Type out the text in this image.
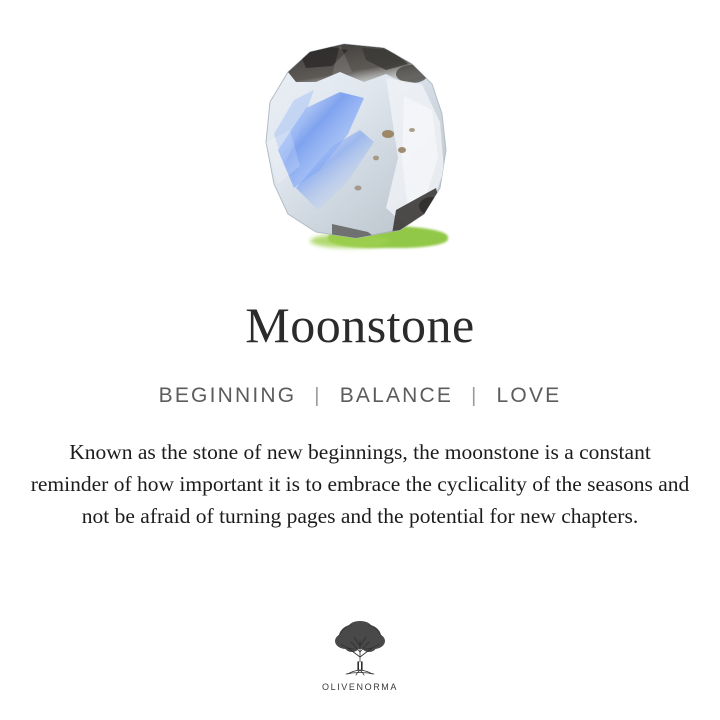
Moonstone
BEGINNING | BALANCE | LOVE
Known as the stone of new beginnings, the moonstone is a constant reminder of how important it is to embrace the cyclicality of the seasons and not be afraid of turning pages and the potential for new chapters.
OLIVENORMA
